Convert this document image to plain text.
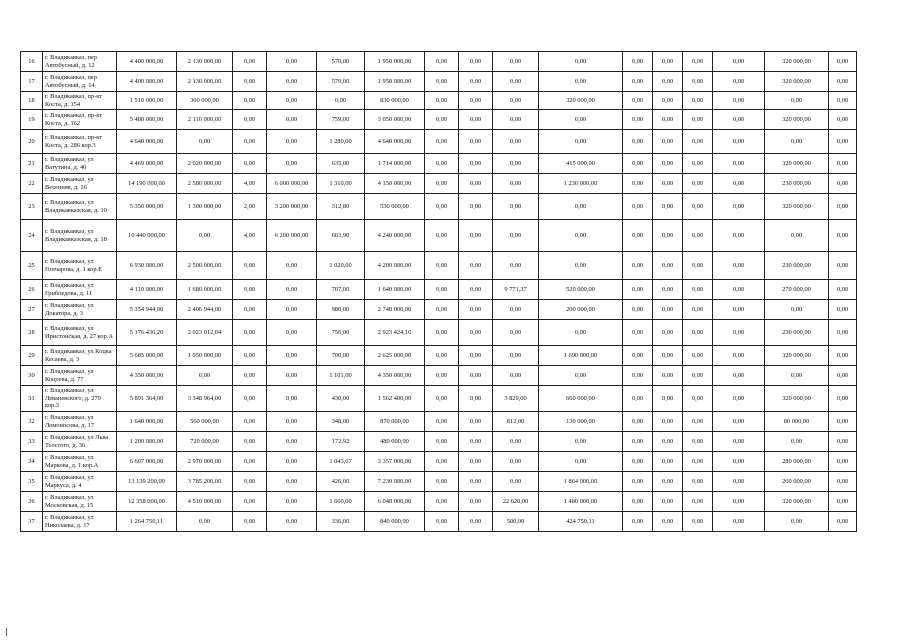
16	г. Владикавказ, пер Автобусный, д. 12	4 400 000,00	2 130 000,00	0,00	0,00	570,00	1 950 000,00	0,00	0,00	0,00	0,00	0,00	0,00	0,00	0,00	320 000,00	0,00
17	г. Владикавказ, пер Автобусный, д. 14	4 400 000,00	2 130 000,00	0,00	0,00	570,00	1 950 000,00	0,00	0,00	0,00	0,00	0,00	0,00	0,00	0,00	320 000,00	0,00
18	г. Владикавказ, пр-кт Коста, д. 154	1 510 000,00	360 000,00	0,00	0,00	0,00	830 000,00	0,00	0,00	0,00	320 000,00	0,00	0,00	0,00	0,00	0,00	0,00
19	г. Владикавказ, пр-кт Коста, д. 162	5 480 000,00	2 110 000,00	0,00	0,00	759,00	3 050 000,00	0,00	0,00	0,00	0,00	0,00	0,00	0,00	0,00	320 000,00	0,00
20	г. Владикавказ, пр-кт Коста, д. 286 кор.3	4 640 000,00	0,00	0,00	0,00	1 280,00	4 640 000,00	0,00	0,00	0,00	0,00	0,00	0,00	0,00	0,00	0,00	0,00
21	г. Владикавказ, ул Ватутина, д. 40	4 469 000,00	2 020 000,00	0,00	0,00	635,00	1 714 000,00	0,00	0,00	0,00	415 000,00	0,00	0,00	0,00	0,00	320 000,00	0,00
22	г. Владикавказ, ул Весенняя, д. 16	14 190 000,00	2 580 000,00	4,00	6 000 000,00	1 310,00	4 150 000,00	0,00	0,00	0,00	1 230 000,00	0,00	0,00	0,00	0,00	230 000,00	0,00
23	г. Владикавказ, ул Владикавказская, д. 10	5 350 000,00	1 300 000,00	2,00	3 200 000,00	312,80	530 000,00	0,00	0,00	0,00	0,00	0,00	0,00	0,00	0,00	320 000,00	0,00
24	г. Владикавказ, ул Владикавказская, д. 18	10 440 000,00	0,00	4,00	6 200 000,00	663,90	4 240 000,00	0,00	0,00	0,00	0,00	0,00	0,00	0,00	0,00	0,00	0,00
25	г. Владикавказ, ул Гончарова, д. 1 кор.Е	6 930 000,00	2 500 000,00	0,00	0,00	1 020,00	4 200 000,00	0,00	0,00	0,00	0,00	0,00	0,00	0,00	0,00	230 000,00	0,00
26	г. Владикавказ, ул Грибоедова, д. 11	4 110 000,00	1 680 000,00	0,00	0,00	707,00	1 640 000,00	0,00	0,00	9 771,37	520 000,00	0,00	0,00	0,00	0,00	270 000,00	0,00
27	г. Владикавказ, ул Докатора, д. 3	5 354 944,00	2 406 944,00	0,00	0,00	980,00	2 748 000,00	0,00	0,00	0,00	200 000,00	0,00	0,00	0,00	0,00	0,00	0,00
28	г. Владикавказ, ул Иристонская, д. 27 кор.А	5 176 436,20	2 023 012,04	0,00	0,00	756,00	2 923 424,16	0,00	0,00	0,00	0,00	0,00	0,00	0,00	0,00	230 000,00	0,00
29	г. Владикавказ, ул Коцка Кесаева, д. 3	5 685 000,00	1 050 000,00	0,00	0,00	700,00	2 625 000,00	0,00	0,00	0,00	1 690 000,00	0,00	0,00	0,00	0,00	320 000,00	0,00
30	г. Владикавказ, ул Коцоева, д. 77	4 350 000,00	0,00	0,00	0,00	1 101,00	4 350 000,00	0,00	0,00	0,00	0,00	0,00	0,00	0,00	0,00	0,00	0,00
31	г. Владикавказ, ул Леваневского, д. 279 кор.3	5 891 364,00	3 348 964,00	0,00	0,00	430,00	1 562 400,00	0,00	0,00	3 829,00	660 000,00	0,00	0,00	0,00	0,00	320 000,00	0,00
32	г. Владикавказ, ул Ломоносова, д. 17	1 640 000,00	560 000,00	0,00	0,00	348,00	870 000,00	0,00	0,00	812,00	130 000,00	0,00	0,00	0,00	0,00	80 000,00	0,00
33	г. Владикавказ, ул Льва Толстого, д. 36	1 200 000,00	720 000,00	0,00	0,00	172,92	480 000,00	0,00	0,00	0,00	0,00	0,00	0,00	0,00	0,00	0,00	0,00
34	г. Владикавказ, ул Маркова, д. 1 кор.А	6 607 000,00	2 970 000,00	0,00	0,00	1 043,67	3 357 000,00	0,00	0,00	0,00	0,00	0,00	0,00	0,00	0,00	280 000,00	0,00
35	г. Владикавказ, ул Маркуса, д. 4	13 139 200,00	3 785 200,00	0,00	0,00	426,00	7 230 000,00	0,00	0,00	0,00	1 864 000,00	0,00	0,00	0,00	0,00	260 000,00	0,00
36	г. Владикавказ, ул Московская, д. 15	12 358 000,00	4 510 000,00	0,00	0,00	1 660,00	6 048 000,00	0,00	0,00	22 620,00	1 480 000,00	0,00	0,00	0,00	0,00	320 000,00	0,00
37	г. Владикавказ, ул Николаева, д. 17	1 264 750,11	0,00	0,00	0,00	336,00	840 000,00	0,00	0,00	500,00	424 750,11	0,00	0,00	0,00	0,00	0,00	0,00
